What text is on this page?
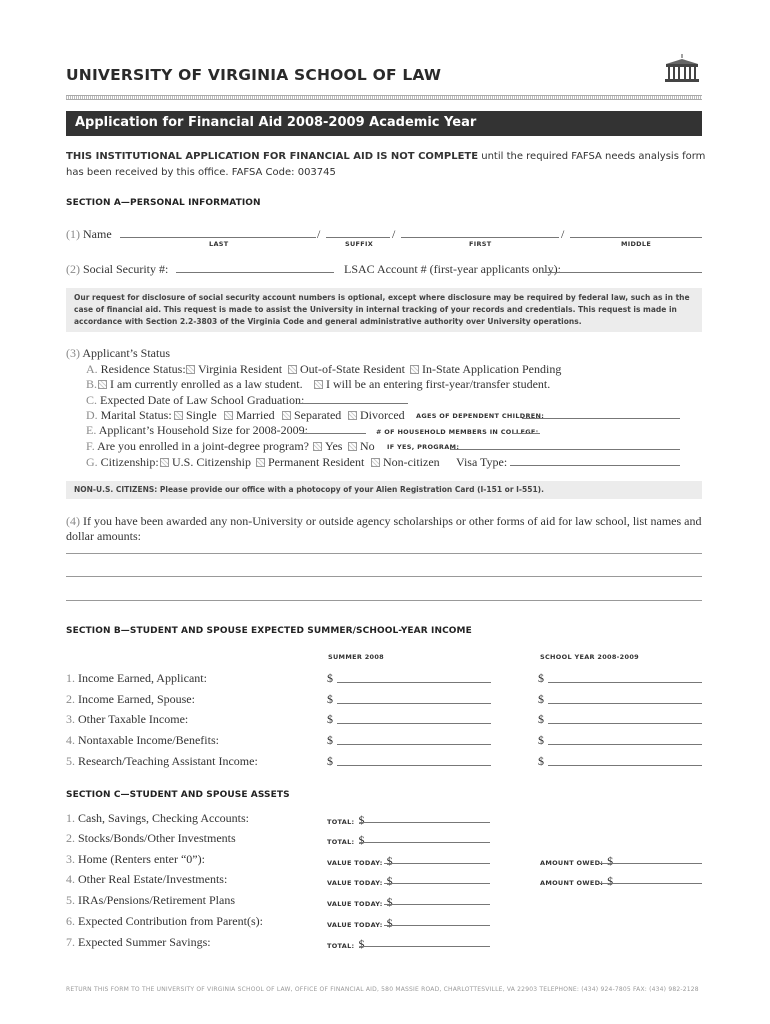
UNIVERSITY OF VIRGINIA SCHOOL OF LAW
Application for Financial Aid 2008-2009 Academic Year
THIS INSTITUTIONAL APPLICATION FOR FINANCIAL AID IS NOT COMPLETE until the required FAFSA needs analysis form
has been received by this office. FAFSA Code: 003745
SECTION A—PERSONAL INFORMATION
(1) Name	/	/	/
LAST	SUFFIX	FIRST	MIDDLE
(2) Social Security #:	LSAC Account # (first-year applicants only):
Our request for disclosure of social security account numbers is optional, except where disclosure may be required by federal law, such as in the case of financial aid. This request is made to assist the University in internal tracking of your records and credentials. This request is made in accordance with Section 2.2-3803 of the Virginia Code and general administrative authority over University operations.
(3) Applicant’s Status
A. Residence Status:	Virginia Resident	Out-of-State Resident	In-State Application Pending
B.	I am currently enrolled as a law student.	I will be an entering first-year/transfer student.
C. Expected Date of Law School Graduation:
D. Marital Status:	Single	Married	Separated	Divorced AGES OF DEPENDENT CHILDREN:
E. Applicant’s Household Size for 2008-2009:	# OF HOUSEHOLD MEMBERS IN COLLEGE:
F. Are you enrolled in a joint-degree program?	Yes	No IF YES, PROGRAM:
G. Citizenship:	U.S. Citizenship	Permanent Resident	Non-citizen Visa Type:
NON-U.S. CITIZENS: Please provide our office with a photocopy of your Alien Registration Card (I-151 or I-551).
(4) If you have been awarded any non-University or outside agency scholarships or other forms of aid for law school, list names and
dollar amounts:
SECTION B—STUDENT AND SPOUSE EXPECTED SUMMER/SCHOOL-YEAR INCOME
SUMMER 2008	SCHOOL YEAR 2008-2009
1. Income Earned, Applicant:	$	$
2. Income Earned, Spouse:	$	$
3. Other Taxable Income:	$	$
4. Nontaxable Income/Benefits:	$	$
5. Research/Teaching Assistant Income:	$	$
SECTION C—STUDENT AND SPOUSE ASSETS
1. Cash, Savings, Checking Accounts:	TOTAL: $
2. Stocks/Bonds/Other Investments	TOTAL: $
3. Home (Renters enter “0”):	VALUE TODAY: $	AMOUNT OWED: $
4. Other Real Estate/Investments:	VALUE TODAY: $	AMOUNT OWED: $
5. IRAs/Pensions/Retirement Plans	VALUE TODAY: $
6. Expected Contribution from Parent(s):	VALUE TODAY: $
7. Expected Summer Savings:	TOTAL: $
RETURN THIS FORM TO THE UNIVERSITY OF VIRGINIA SCHOOL OF LAW, OFFICE OF FINANCIAL AID, 580 MASSIE ROAD, CHARLOTTESVILLE, VA 22903 TELEPHONE: (434) 924-7805 FAX: (434) 982-2128
